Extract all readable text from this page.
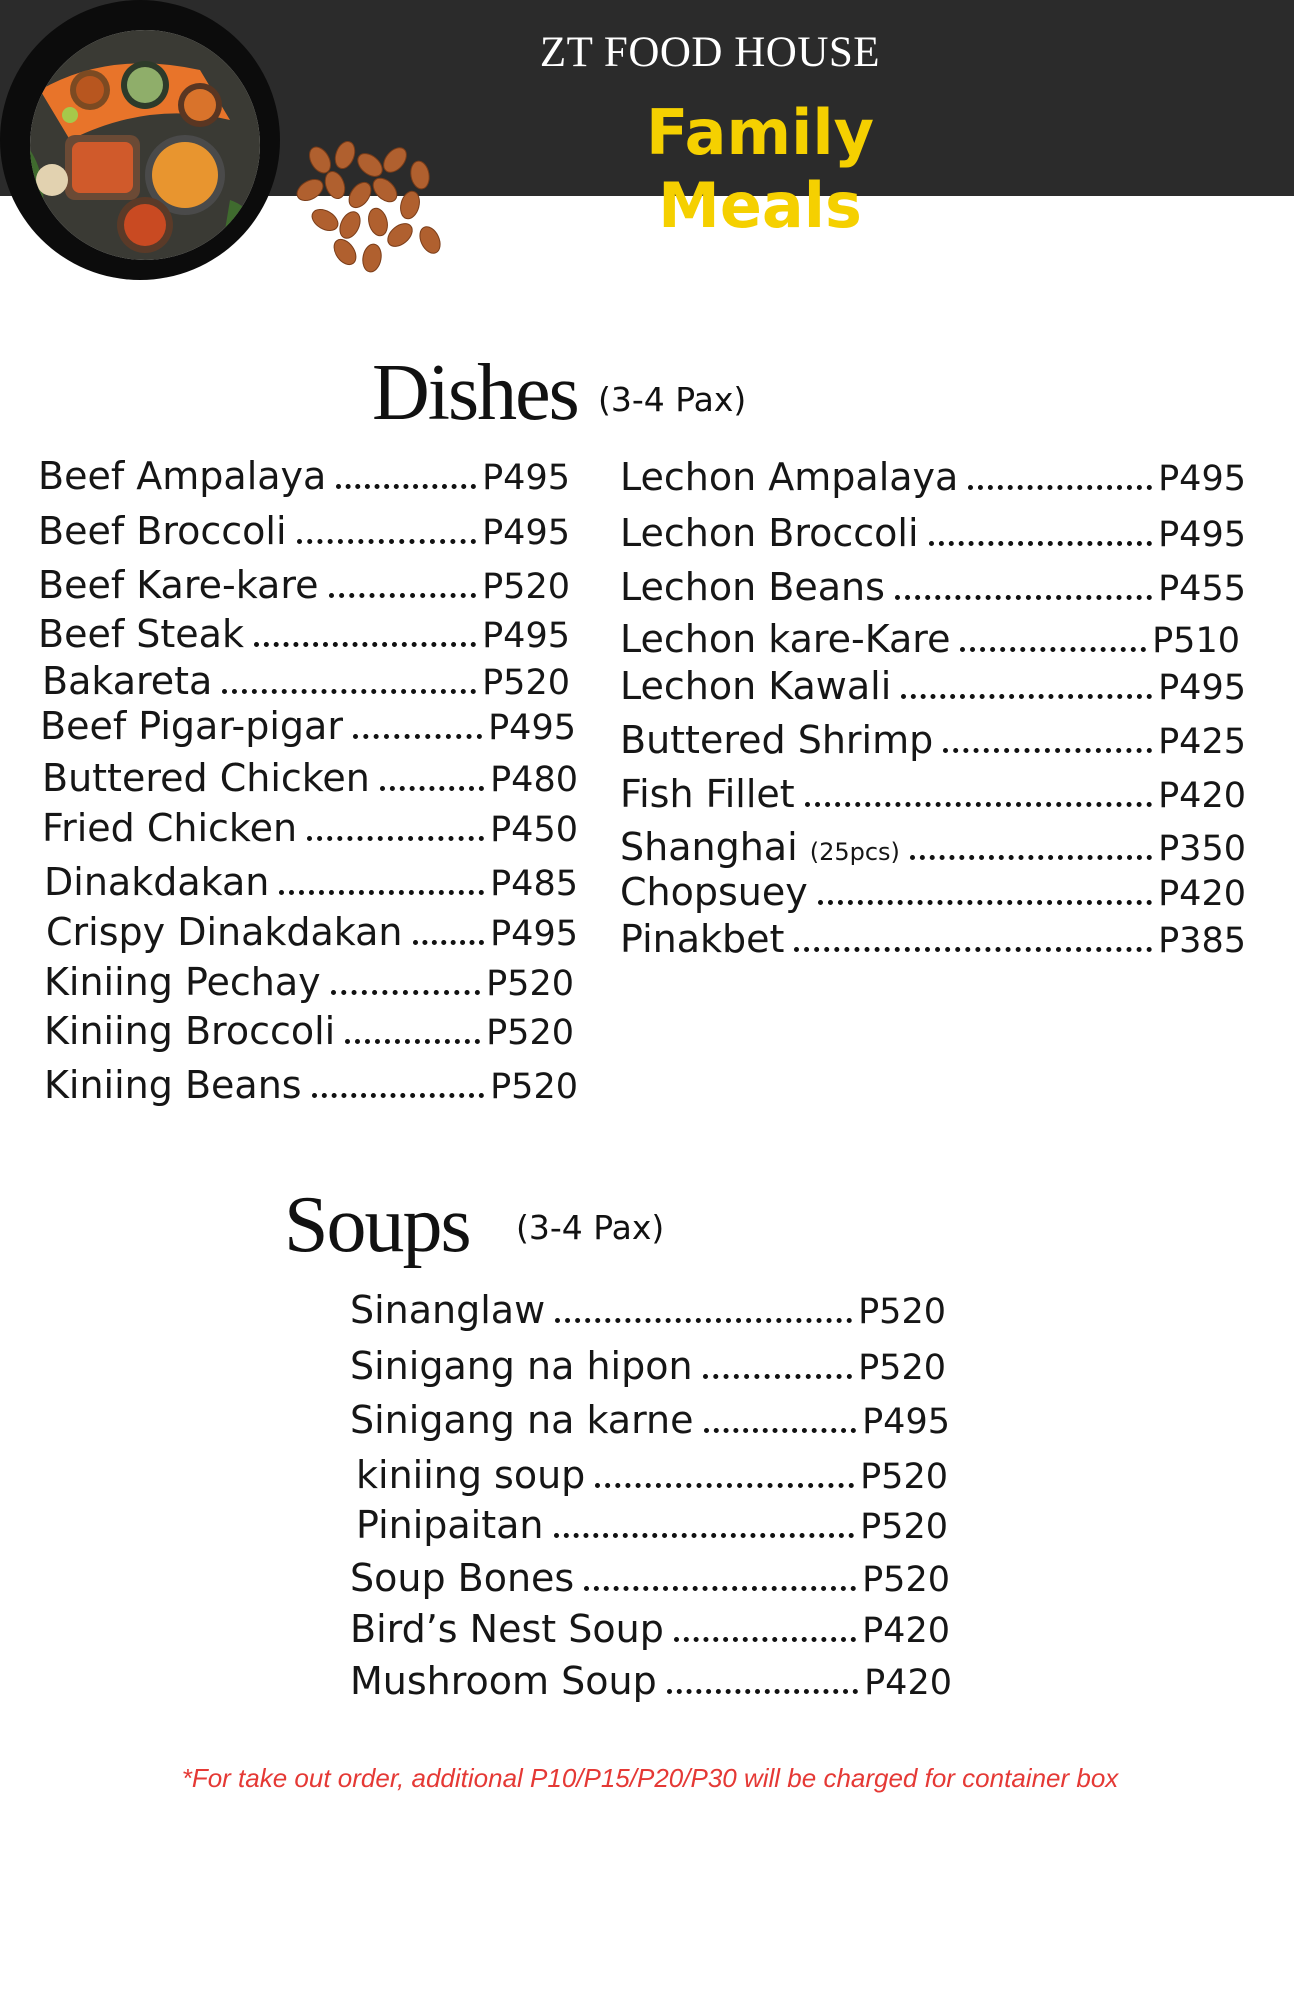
ZT FOOD HOUSE
Family Meals
Dishes (3-4 Pax)
Beef Ampalaya	P495
Beef Broccoli	P495
Beef Kare-kare	P520
Beef Steak	P495
Bakareta	P520
Beef Pigar-pigar	P495
Buttered Chicken	P480
Fried Chicken	P450
Dinakdakan	P485
Crispy Dinakdakan	P495
Kiniing Pechay	P520
Kiniing Broccoli	P520
Kiniing Beans	P520
Lechon Ampalaya	P495
Lechon Broccoli	P495
Lechon Beans	P455
Lechon kare-Kare	P510
Lechon Kawali	P495
Buttered Shrimp	P425
Fish Fillet	P420
Shanghai (25pcs)	P350
Chopsuey	P420
Pinakbet	P385
Soups (3-4 Pax)
Sinanglaw	P520
Sinigang na hipon	P520
Sinigang na karne	P495
kiniing soup	P520
Pinipaitan	P520
Soup Bones	P520
Bird’s Nest Soup	P420
Mushroom Soup	P420
*For take out order, additional P10/P15/P20/P30 will be charged for container box
